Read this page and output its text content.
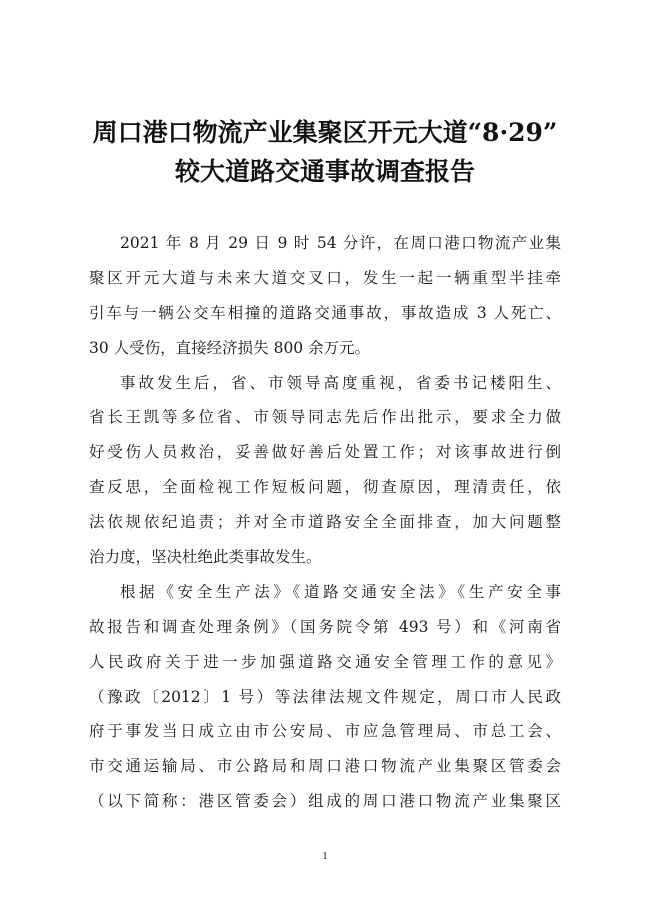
周口港口物流产业集聚区开元大道“8·29”
较大道路交通事故调查报告
2021 年 8 月 29 日 9 时 54 分许，在周口港口物流产业集
聚区开元大道与未来大道交叉口，发生一起一辆重型半挂牵
引车与一辆公交车相撞的道路交通事故，事故造成 3 人死亡、
30 人受伤，直接经济损失 800 余万元。
事故发生后，省、市领导高度重视，省委书记楼阳生、
省长王凯等多位省、市领导同志先后作出批示，要求全力做
好受伤人员救治，妥善做好善后处置工作；对该事故进行倒
查反思，全面检视工作短板问题，彻查原因，理清责任，依
法依规依纪追责；并对全市道路安全全面排查，加大问题整
治力度，坚决杜绝此类事故发生。
根据《安全生产法》《道路交通安全法》《生产安全事
故报告和调查处理条例》（国务院令第 493 号）和《河南省
人民政府关于进一步加强道路交通安全管理工作的意见》
（豫政〔2012〕1 号）等法律法规文件规定，周口市人民政
府于事发当日成立由市公安局、市应急管理局、市总工会、
市交通运输局、市公路局和周口港口物流产业集聚区管委会
（以下简称：港区管委会）组成的周口港口物流产业集聚区
1
